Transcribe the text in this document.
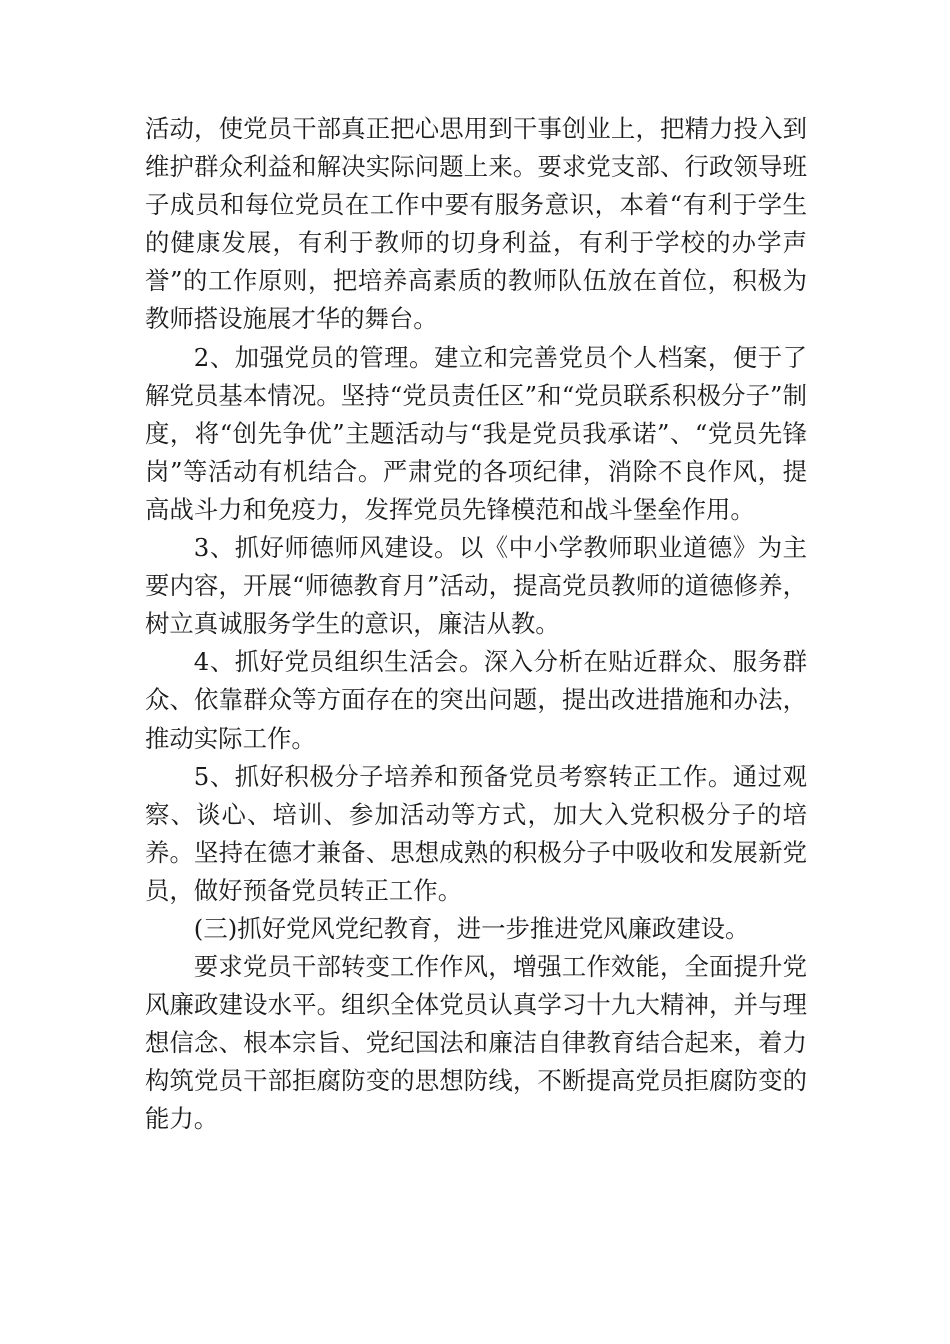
活动，使党员干部真正把心思用到干事创业上，把精力投入到维护群众利益和解决实际问题上来。要求党支部、行政领导班子成员和每位党员在工作中要有服务意识，本着“有利于学生的健康发展，有利于教师的切身利益，有利于学校的办学声誉”的工作原则，把培养高素质的教师队伍放在首位，积极为教师搭设施展才华的舞台。

2、加强党员的管理。建立和完善党员个人档案，便于了解党员基本情况。坚持“党员责任区”和“党员联系积极分子”制度，将“创先争优”主题活动与“我是党员我承诺”、“党员先锋岗”等活动有机结合。严肃党的各项纪律，消除不良作风，提高战斗力和免疫力，发挥党员先锋模范和战斗堡垒作用。

3、抓好师德师风建设。以《中小学教师职业道德》为主要内容，开展“师德教育月”活动，提高党员教师的道德修养，树立真诚服务学生的意识，廉洁从教。

4、抓好党员组织生活会。深入分析在贴近群众、服务群众、依靠群众等方面存在的突出问题，提出改进措施和办法，推动实际工作。

5、抓好积极分子培养和预备党员考察转正工作。通过观察、谈心、培训、参加活动等方式，加大入党积极分子的培养。坚持在德才兼备、思想成熟的积极分子中吸收和发展新党员，做好预备党员转正工作。

(三)抓好党风党纪教育，进一步推进党风廉政建设。

要求党员干部转变工作作风，增强工作效能，全面提升党风廉政建设水平。组织全体党员认真学习十九大精神，并与理想信念、根本宗旨、党纪国法和廉洁自律教育结合起来，着力构筑党员干部拒腐防变的思想防线，不断提高党员拒腐防变的能力。
